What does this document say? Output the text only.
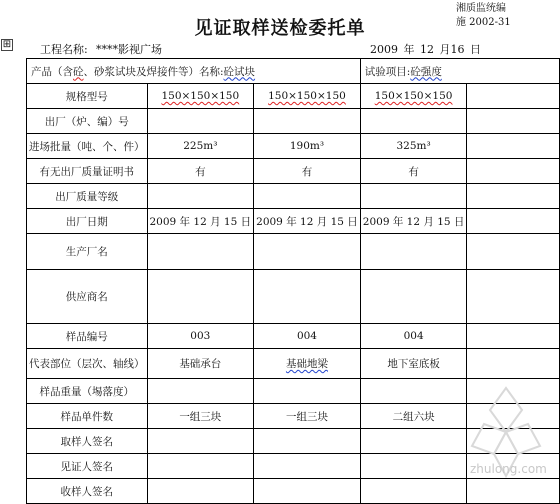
见证取样送检委托单
湘质监统编
施 2002-31
⊞	工程名称: ****影视广场	2009 年 12 月16 日
产品（含砼、砂浆试块及焊接件等）名称:砼试块			试验项目:砼强度	
规格型号	150×150×150	150×150×150	150×150×150	
出厂（炉、编）号				
进场批量（吨、个、件）	225m³	190m³	325m³	
有无出厂质量证明书	有	有	有	
出厂质量等级				
出厂日期	2009 年 12 月 15 日	2009 年 12 月 15 日	2009 年 12 月 15 日	
生产厂名				
供应商名				
样品编号	003	004	004	
代表部位（层次、轴线）	基础承台	基础地梁	地下室底板	
样品重量（埸落度）				
样品单件数	一组三块	一组三块	二组六块	
取样人签名				
见证人签名				
收样人签名				
zhulong.com
